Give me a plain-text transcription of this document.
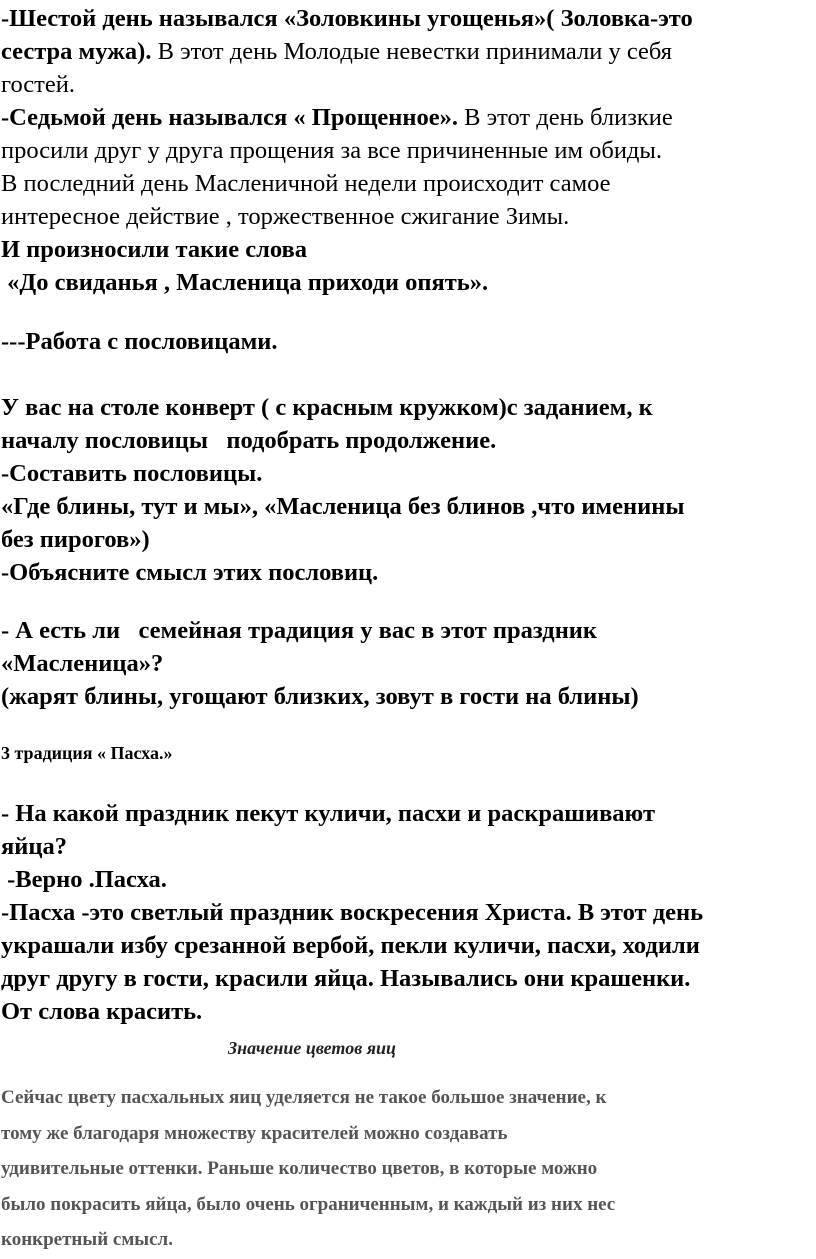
-Шестой день назывался «Золовкины угощенья»( Золовка-это
сестра мужа). В этот день Молодые невестки принимали у себя
гостей.
-Седьмой день назывался « Прощенное». В этот день близкие
просили друг у друга прощения за все причиненные им обиды.
В последний день Масленичной недели происходит самое
интересное действие , торжественное сжигание Зимы.
И произносили такие слова
«До свиданья , Масленица приходи опять».
---Работа с пословицами.
У вас на столе конверт ( с красным кружком)с заданием, к
началу пословицы   подобрать продолжение.
-Составить пословицы.
«Где блины, тут и мы», «Масленица без блинов ,что именины
без пирогов»)
-Объясните смысл этих пословиц.
- А есть ли   семейная традиция у вас в этот праздник
«Масленица»?
(жарят блины, угощают близких, зовут в гости на блины)
3 традиция « Пасха.»
- На какой праздник пекут куличи, пасхи и раскрашивают
яйца?
-Верно .Пасха.
-Пасха -это светлый праздник воскресения Христа. В этот день
украшали избу срезанной вербой, пекли куличи, пасхи, ходили
друг другу в гости, красили яйца. Назывались они крашенки.
От слова красить.
Значение цветов яиц
Сейчас цвету пасхальных яиц уделяется не такое большое значение, к
тому же благодаря множеству красителей можно создавать
удивительные оттенки. Раньше количество цветов, в которые можно
было покрасить яйца, было очень ограниченным, и каждый из них нес
конкретный смысл.
